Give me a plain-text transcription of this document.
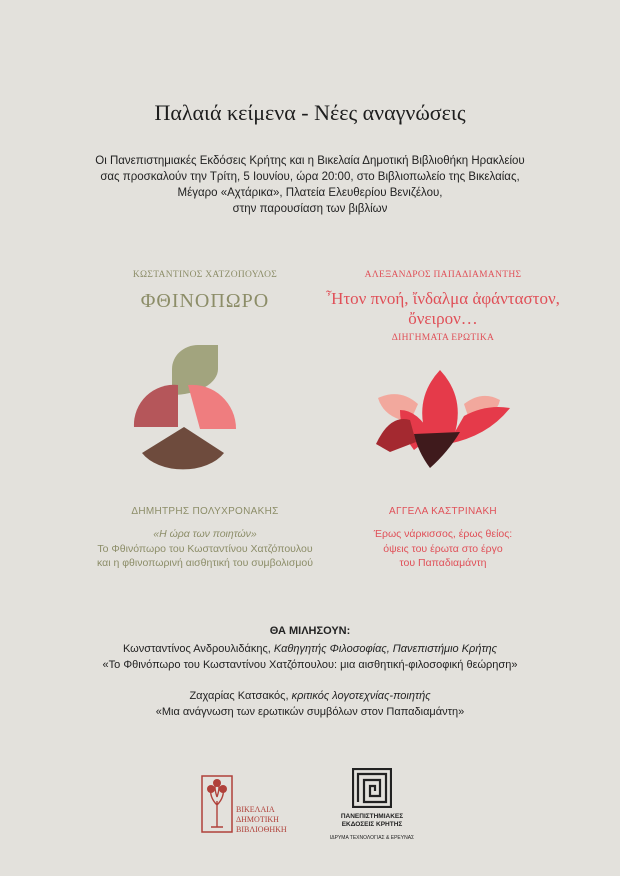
Παλαιά κείμενα - Νέες αναγνώσεις
Οι Πανεπιστημιακές Εκδόσεις Κρήτης και η Βικελαία Δημοτική Βιβλιοθήκη Ηρακλείου
σας προσκαλούν την Τρίτη, 5 Ιουνίου, ώρα 20:00, στο Βιβλιοπωλείο της Βικελαίας,
Μέγαρο «Αχτάρικα», Πλατεία Ελευθερίου Βενιζέλου,
στην παρουσίαση των βιβλίων
ΚΩΣΤΑΝΤΙΝΟΣ ΧΑΤΖΟΠΟΥΛΟΣ
ΦΘΙΝΟΠΩΡΟ
ΔΗΜΗΤΡΗΣ ΠΟΛΥΧΡΟΝΑΚΗΣ
«Η ώρα των ποιητών»
Το Φθινόπωρο του Κωσταντίνου Χατζόπουλου
και η φθινοπωρινή αισθητική του συμβολισμού
ΑΛΕΞΑΝΔΡΟΣ ΠΑΠΑΔΙΑΜΑΝΤΗΣ
Ἦτον πνοή, ἴνδαλμα ἀφάνταστον,
ὄνειρον…
ΔΙΗΓΗΜΑΤΑ ΕΡΩΤΙΚΑ
ΑΓΓΕΛΑ ΚΑΣΤΡΙΝΑΚΗ
Έρως νάρκισσος, έρως θείος:
όψεις του έρωτα στο έργο
του Παπαδιαμάντη
ΘΑ ΜΙΛΗΣΟΥΝ:
Κωνσταντίνος Ανδρουλιδάκης, Καθηγητής Φιλοσοφίας, Πανεπιστήμιο Κρήτης
«Το Φθινόπωρο του Κωσταντίνου Χατζόπουλου: μια αισθητική-φιλοσοφική θεώρηση»
Ζαχαρίας Κατσακός, κριτικός λογοτεχνίας-ποιητής
«Μια ανάγνωση των ερωτικών συμβόλων στον Παπαδιαμάντη»
ΒΙΚΕΛΑΙΑ
ΔΗΜΟΤΙΚΗ
ΒΙΒΛΙΟΘΗΚΗ
ΠΑΝΕΠΙΣΤΗΜΙΑΚΕΣ
ΕΚΔΟΣΕΙΣ ΚΡΗΤΗΣ
ΙΔΡΥΜΑ ΤΕΧΝΟΛΟΓΙΑΣ & ΕΡΕΥΝΑΣ
